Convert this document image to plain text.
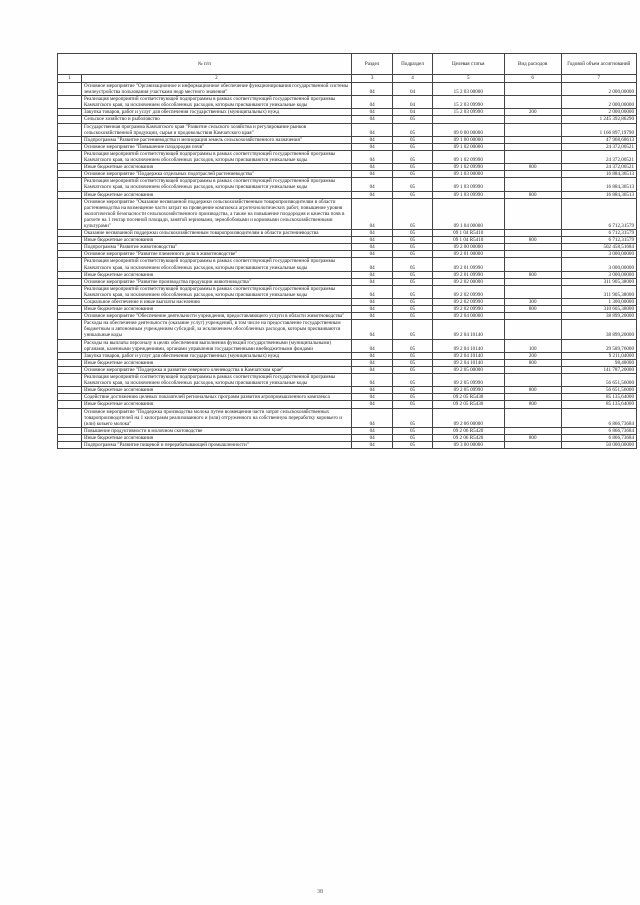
№ п/п		Раздел	Подраздел	Целевая статья	Вид расходов	Годовой объем ассигнований
1	2	3	4	5	6	7
	Основное мероприятие "Организационное и информационное обеспечение функционирования государственной системы землеустройства пользования участками недр местного значения"	04	04	15 2 03 00000		2 000,00000
	Реализация мероприятий соответствующей подпрограммы в рамках соответствующей государственной программы Камчатского края, за исключением обособленных расходов, которым присваиваются уникальные коды	04	04	15 2 03 09990		2 000,00000
	Закупка товаров, работ и услуг для обеспечения государственных (муниципальных) нужд	04	04	15 2 03 09990	200	2 000,00000
	Сельское хозяйство и рыболовство	04	05			1 245 392,86290
	Государственная программа Камчатского края "Развитие сельского хозяйства и регулирование рынков сельскохозяйственной продукции, сырья и продовольствия Камчатского края"	04	05	09 0 00 00000		1 166 897,19790
	Подпрограмма "Развитие растениеводства и мелиорация земель сельскохозяйственного назначения"	04	05	09 1 00 00000		47 968,68613
	Основное мероприятие "Повышение плодородия почв"	04	05	09 1 02 00000		24 372,00521
	Реализация мероприятий соответствующей подпрограммы в рамках соответствующей государственной программы Камчатского края, за исключением обособленных расходов, которым присваиваются уникальные коды	04	05	09 1 02 09990		24 372,00521
	Иные бюджетные ассигнования	04	05	09 1 02 09990	800	24 372,00521
	Основное мероприятие "Поддержка отдельных подотраслей растениеводства"	04	05	09 1 03 00000		16 884,36513
	Реализация мероприятий соответствующей подпрограммы в рамках соответствующей государственной программы Камчатского края, за исключением обособленных расходов, которым присваиваются уникальные коды	04	05	09 1 03 09990		16 884,36513
	Иные бюджетные ассигнования	04	05	09 1 03 09990	800	16 884,36513
	Основное мероприятие "Оказание несвязанной поддержки сельскохозяйственным товаропроизводителям в области растениеводства на возмещение части затрат на проведение комплекса агротехнологических работ, повышение уровня экологической безопасности сельскохозяйственного производства, а также на повышение плодородия и качества почв в расчете на 1 гектар посевной площади, занятой зерновыми, зернобобовыми и кормовыми сельскохозяйственными культурами"	04	05	09 1 04 00000		6 712,31579
	Оказание несвязанной поддержки сельскохозяйственным товаропроизводителям в области растениеводства	04	05	09 1 04 R5410		6 712,31579
	Иные бюджетные ассигнования	04	05	09 1 04 R5410	800	6 712,31579
	Подпрограмма "Развитие животноводства"	04	05	09 2 00 00000		502 458,51684
	Основное мероприятие "Развитие племенного дела в животноводстве"	04	05	09 2 01 00000		3 000,00000
	Реализация мероприятий соответствующей подпрограммы в рамках соответствующей государственной программы Камчатского края, за исключением обособленных расходов, которым присваиваются уникальные коды	04	05	09 2 01 09990		3 000,00000
	Иные бюджетные ассигнования	04	05	09 2 01 09990	800	3 000,00000
	Основное мероприятие "Развитие производства продукции животноводства"	04	05	09 2 02 00000		311 905,38000
	Реализация мероприятий соответствующей подпрограммы в рамках соответствующей государственной программы Камчатского края, за исключением обособленных расходов, которым присваиваются уникальные коды	04	05	09 2 02 09990		311 905,38000
	Социальное обеспечение и иные выплаты населению	04	05	09 2 02 09990	300	1 300,00000
	Иные бюджетные ассигнования	04	05	09 2 02 09990	800	310 605,38000
	Основное мероприятие "Обеспечение деятельности учреждения, предоставляющего услуги в области животноводства"	04	05	09 2 04 00000		38 899,20000
	Расходы на обеспечение деятельности (оказание услуг) учреждений, в том числе на предоставление государственным бюджетным и автономным учреждениям субсидий, за исключением обособленных расходов, которым присваиваются уникальные коды	04	05	09 2 04 10140		38 899,20000
	Расходы на выплаты персоналу в целях обеспечения выполнения функций государственными (муниципальными) органами, казенными учреждениями, органами управления государственными внебюджетными фондами	04	05	09 2 04 10140	100	29 589,76000
	Закупка товаров, работ и услуг для обеспечения государственных (муниципальных) нужд	04	05	09 2 04 10140	200	9 211,04000
	Иные бюджетные ассигнования	04	05	09 2 04 10140	800	98,40000
	Основное мероприятие "Поддержка и развитие северного оленеводства в Камчатском крае"	04	05	09 2 05 00000		141 787,20000
	Реализация мероприятий соответствующей подпрограммы в рамках соответствующей государственной программы Камчатского края, за исключением обособленных расходов, которым присваиваются уникальные коды	04	05	09 2 05 09990		56 651,56000
	Иные бюджетные ассигнования	04	05	09 2 05 09990	800	56 651,56000
	Содействие достижению целевых показателей региональных программ развития агропромышленного комплекса	04	05	09 2 05 R5430		85 135,64000
	Иные бюджетные ассигнования	04	05	09 2 05 R5430	800	85 135,64000
	Основное мероприятие "Поддержка производства молока путем возмещения части затрат сельскохозяйственных товаропроизводителей на 1 килограмм реализованного и (или) отгруженного на собственную переработку коровьего и (или) козьего молока"	04	05	09 2 06 00000		6 866,73684
	Повышение продуктивности в молочном скотоводстве	04	05	09 2 06 R5420		6 866,73684
	Иные бюджетные ассигнования	04	05	09 2 06 R5420	800	6 866,73684
	Подпрограмма "Развитие пищевой и перерабатывающей промышленности"	04	05	09 3 00 00000		50 000,00000
38
